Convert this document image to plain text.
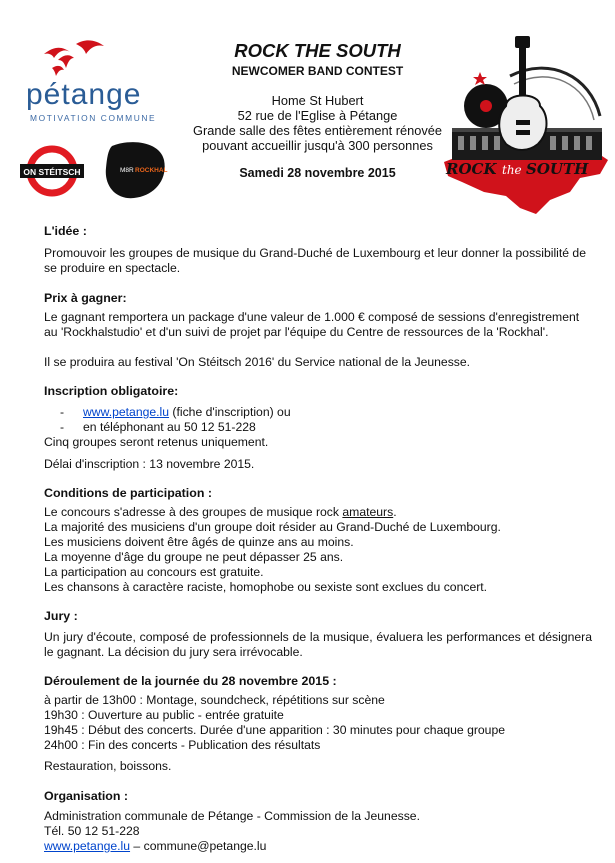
pétange
MOTIVATION COMMUNE
ON STÉITSCH	M8R ROCKHAL
ROCK THE SOUTH
NEWCOMER BAND CONTEST
Home St Hubert
52 rue de l'Eglise à Pétange
Grande salle des fêtes entièrement rénovée
pouvant accueillir jusqu'à 300 personnes
Samedi 28 novembre 2015	ROCK the SOUTH
L'idée :
Promouvoir les groupes de musique du Grand-Duché de Luxembourg et leur donner la possibilité de se produire en spectacle.
Prix à gagner:
Le gagnant remportera un package d'une valeur de 1.000 € composé de sessions d'enregistrement au 'Rockhalstudio' et d'un suivi de projet par l'équipe du Centre de ressources de la 'Rockhal'.
Il se produira au festival 'On Stéitsch 2016' du Service national de la Jeunesse.
Inscription obligatoire:
- www.petange.lu (fiche d'inscription) ou
- en téléphonant au 50 12 51-228
Cinq groupes seront retenus uniquement.
Délai d'inscription : 13 novembre 2015.
Conditions de participation :
Le concours s'adresse à des groupes de musique rock amateurs.
La majorité des musiciens d'un groupe doit résider au Grand-Duché de Luxembourg.
Les musiciens doivent être âgés de quinze ans au moins.
La moyenne d'âge du groupe ne peut dépasser 25 ans.
La participation au concours est gratuite.
Les chansons à caractère raciste, homophobe ou sexiste sont exclues du concert.
Jury :
Un jury d'écoute, composé de professionnels de la musique, évaluera les performances et désignera le gagnant. La décision du jury sera irrévocable.
Déroulement de la journée du 28 novembre 2015 :
à partir de 13h00 : Montage, soundcheck, répétitions sur scène
19h30 : Ouverture au public - entrée gratuite
19h45 : Début des concerts. Durée d'une apparition : 30 minutes pour chaque groupe
24h00 : Fin des concerts - Publication des résultats
Restauration, boissons.
Organisation :
Administration communale de Pétange - Commission de la Jeunesse.
Tél. 50 12 51-228
www.petange.lu – commune@petange.lu
